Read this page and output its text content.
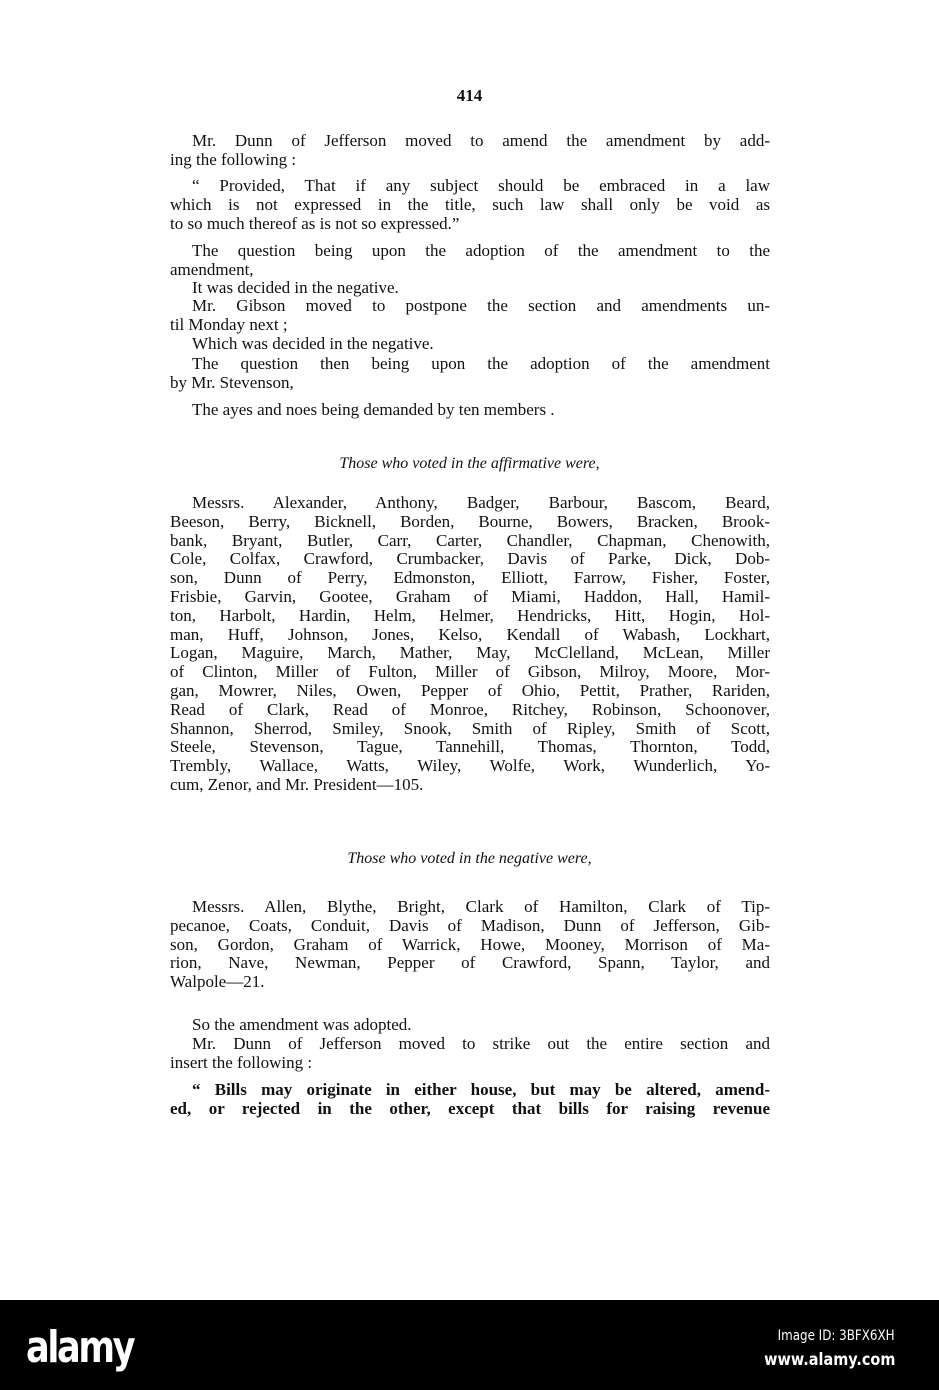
414
Mr. Dunn of Jefferson moved to amend the amendment by add-
ing the following :
“ Provided, That if any subject should be embraced in a law
which is not expressed in the title, such law shall only be void as
to so much thereof as is not so expressed.”
The question being upon the adoption of the amendment to the
amendment,
It was decided in the negative.
Mr. Gibson moved to postpone the section and amendments un-
til Monday next ;
Which was decided in the negative.
The question then being upon the adoption of the amendment
by Mr. Stevenson,
The ayes and noes being demanded by ten members .
Those who voted in the affirmative were,
Messrs. Alexander, Anthony, Badger, Barbour, Bascom, Beard,
Beeson, Berry, Bicknell, Borden, Bourne, Bowers, Bracken, Brook-
bank, Bryant, Butler, Carr, Carter, Chandler, Chapman, Chenowith,
Cole, Colfax, Crawford, Crumbacker, Davis of Parke, Dick, Dob-
son, Dunn of Perry, Edmonston, Elliott, Farrow, Fisher, Foster,
Frisbie, Garvin, Gootee, Graham of Miami, Haddon, Hall, Hamil-
ton, Harbolt, Hardin, Helm, Helmer, Hendricks, Hitt, Hogin, Hol-
man, Huff, Johnson, Jones, Kelso, Kendall of Wabash, Lockhart,
Logan, Maguire, March, Mather, May, McClelland, McLean, Miller
of Clinton, Miller of Fulton, Miller of Gibson, Milroy, Moore, Mor-
gan, Mowrer, Niles, Owen, Pepper of Ohio, Pettit, Prather, Rariden,
Read of Clark, Read of Monroe, Ritchey, Robinson, Schoonover,
Shannon, Sherrod, Smiley, Snook, Smith of Ripley, Smith of Scott,
Steele, Stevenson, Tague, Tannehill, Thomas, Thornton, Todd,
Trembly, Wallace, Watts, Wiley, Wolfe, Work, Wunderlich, Yo-
cum, Zenor, and Mr. President—105.
Those who voted in the negative were,
Messrs. Allen, Blythe, Bright, Clark of Hamilton, Clark of Tip-
pecanoe, Coats, Conduit, Davis of Madison, Dunn of Jefferson, Gib-
son, Gordon, Graham of Warrick, Howe, Mooney, Morrison of Ma-
rion, Nave, Newman, Pepper of Crawford, Spann, Taylor, and
Walpole—21.
So the amendment was adopted.
Mr. Dunn of Jefferson moved to strike out the entire section and
insert the following :
“ Bills may originate in either house, but may be altered, amend-
ed, or rejected in the other, except that bills for raising revenue
alamy	Image ID: 3BFX6XH
www.alamy.com
